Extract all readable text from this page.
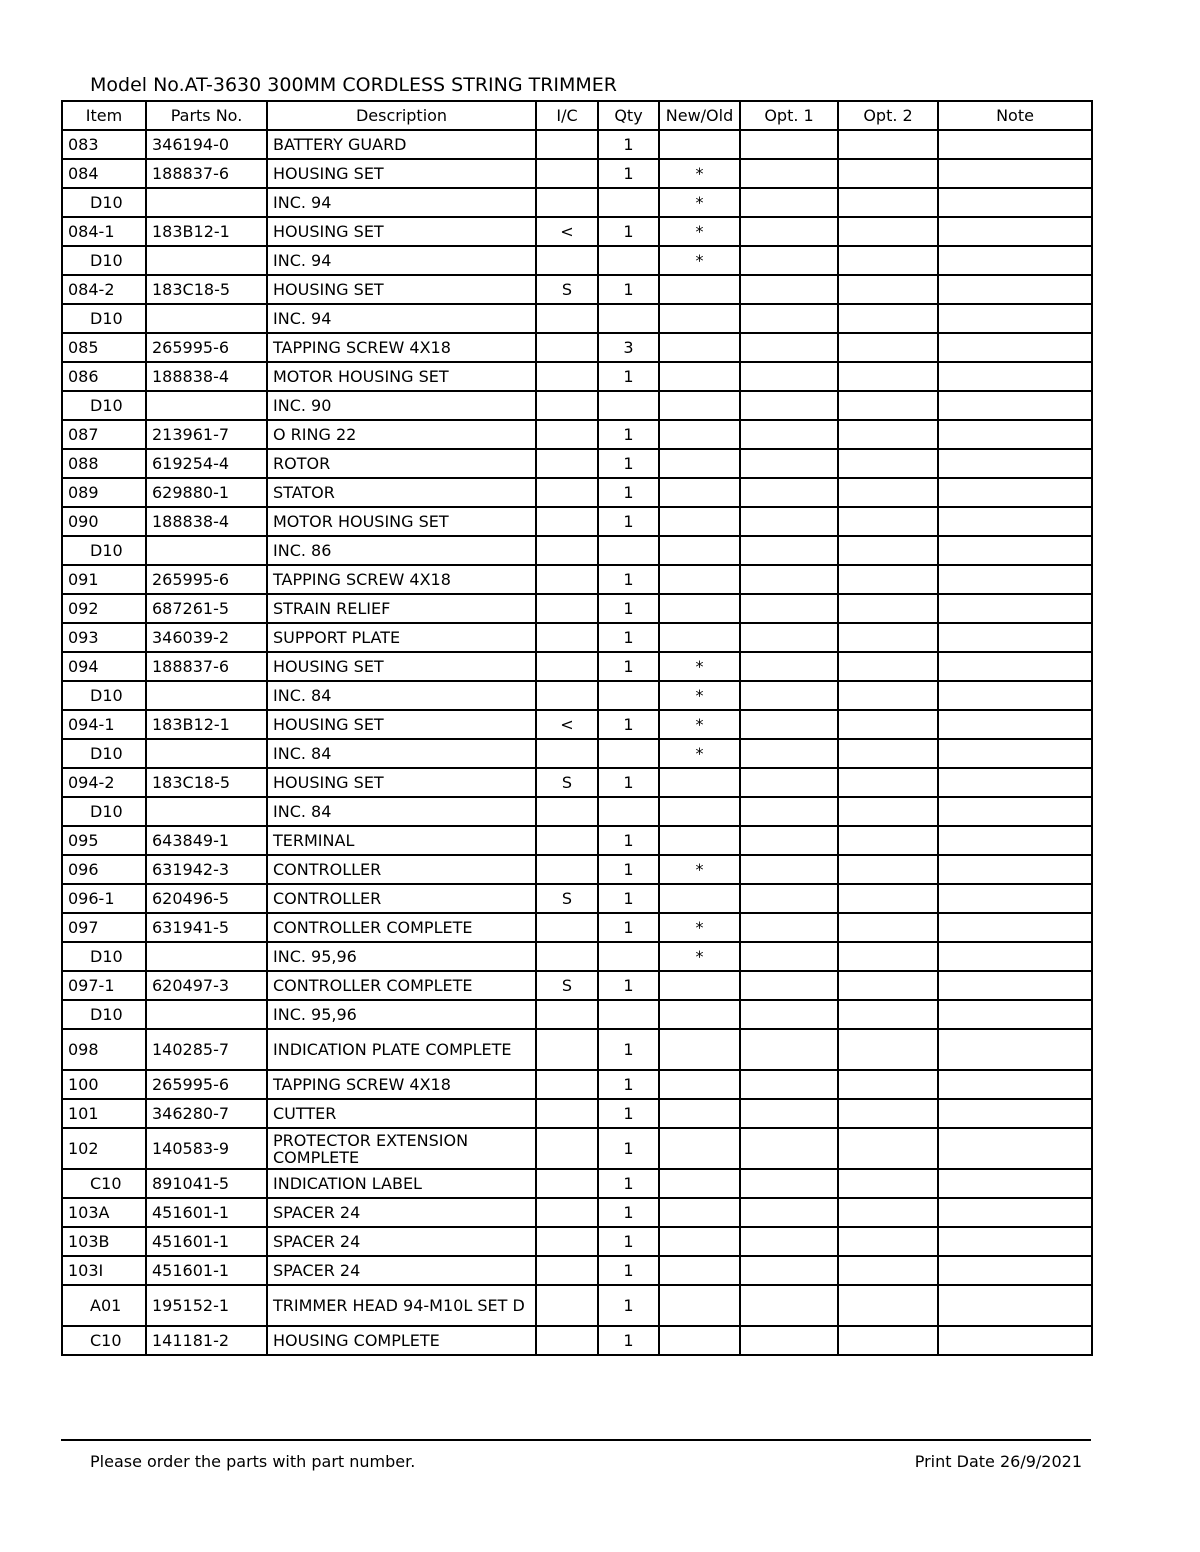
Model No.AT-3630 300MM CORDLESS STRING TRIMMER
Item	Parts No.	Description	I/C	Qty	New/Old	Opt. 1	Opt. 2	Note
083	346194-0	BATTERY GUARD		1				
084	188837-6	HOUSING SET		1	*			
D10		INC. 94			*			
084-1	183B12-1	HOUSING SET	<	1	*			
D10		INC. 94			*			
084-2	183C18-5	HOUSING SET	S	1				
D10		INC. 94						
085	265995-6	TAPPING SCREW 4X18		3				
086	188838-4	MOTOR HOUSING SET		1				
D10		INC. 90						
087	213961-7	O RING 22		1				
088	619254-4	ROTOR		1				
089	629880-1	STATOR		1				
090	188838-4	MOTOR HOUSING SET		1				
D10		INC. 86						
091	265995-6	TAPPING SCREW 4X18		1				
092	687261-5	STRAIN RELIEF		1				
093	346039-2	SUPPORT PLATE		1				
094	188837-6	HOUSING SET		1	*			
D10		INC. 84			*			
094-1	183B12-1	HOUSING SET	<	1	*			
D10		INC. 84			*			
094-2	183C18-5	HOUSING SET	S	1				
D10		INC. 84						
095	643849-1	TERMINAL		1				
096	631942-3	CONTROLLER		1	*			
096-1	620496-5	CONTROLLER	S	1				
097	631941-5	CONTROLLER COMPLETE		1	*			
D10		INC. 95,96			*			
097-1	620497-3	CONTROLLER COMPLETE	S	1				
D10		INC. 95,96						
098	140285-7	INDICATION PLATE COMPLETE		1				
100	265995-6	TAPPING SCREW 4X18		1				
101	346280-7	CUTTER		1				
102	140583-9	PROTECTOR EXTENSION COMPLETE		1				
C10	891041-5	INDICATION LABEL		1				
103A	451601-1	SPACER 24		1				
103B	451601-1	SPACER 24		1				
103I	451601-1	SPACER 24		1				
A01	195152-1	TRIMMER HEAD 94-M10L SET D		1				
C10	141181-2	HOUSING COMPLETE		1				
Please order the parts with part number.	Print Date 26/9/2021
